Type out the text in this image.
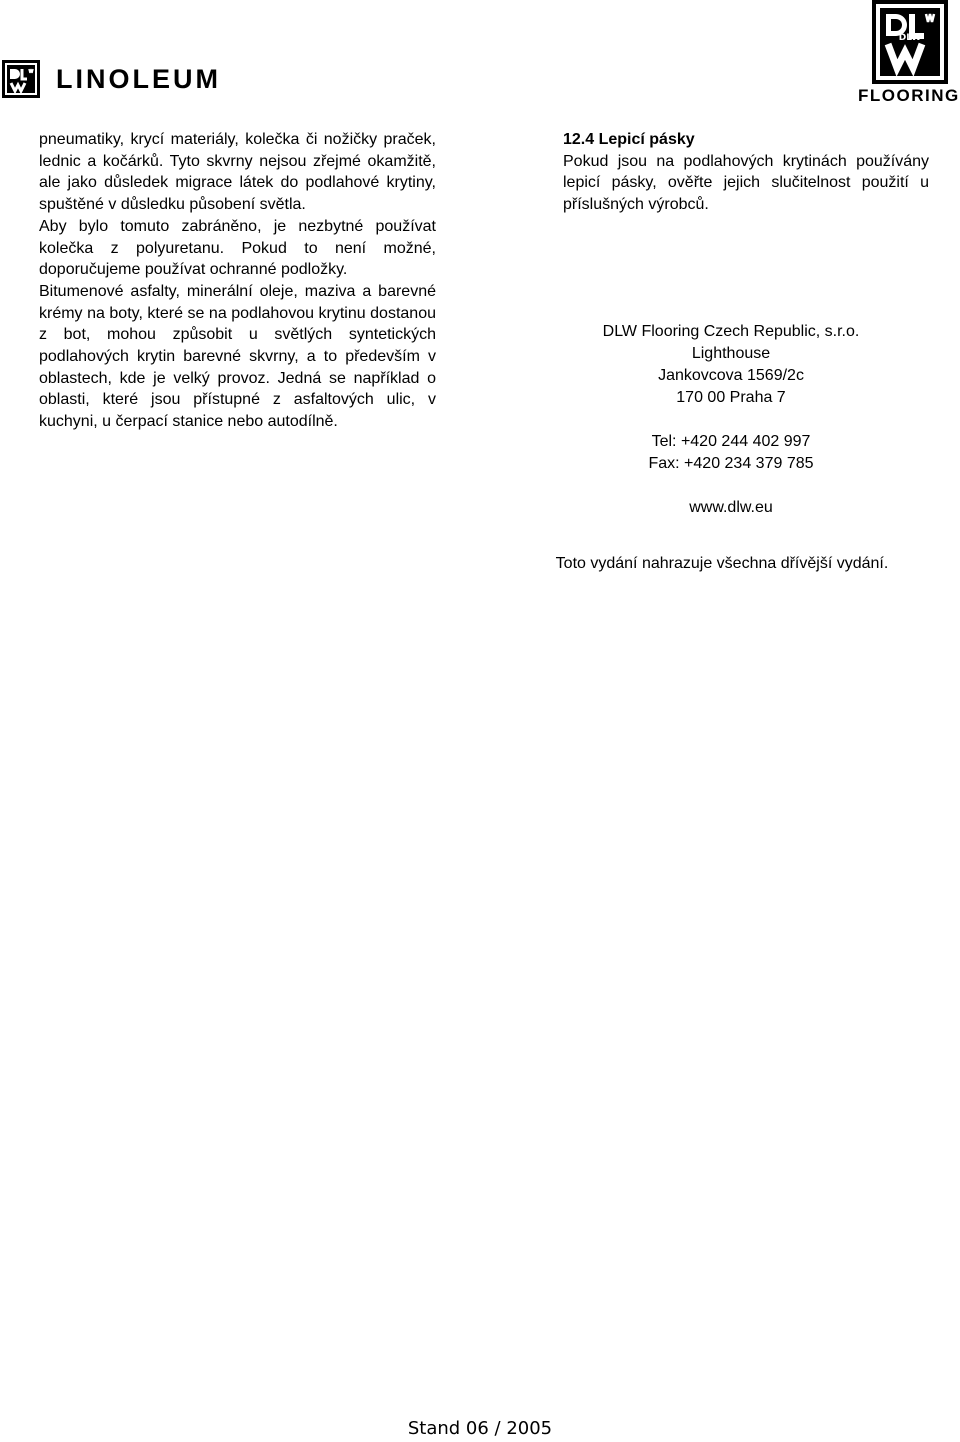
LINOLEUM
DLW
FLOORING

pneumatiky, krycí materiály, kolečka či nožičky praček, lednic a kočárků. Tyto skvrny nejsou zřejmé okamžitě, ale jako důsledek migrace látek do podlahové krytiny, spuštěné v důsledku působení světla.

Aby bylo tomuto zabráněno, je nezbytné používat kolečka z polyuretanu. Pokud to není možné, doporučujeme používat ochranné podložky.

Bitumenové asfalty, minerální oleje, maziva a barevné krémy na boty, které se na podlahovou krytinu dostanou z bot, mohou způsobit u světlých syntetických podlahových krytin barevné skvrny, a to především v oblastech, kde je velký provoz. Jedná se například o oblasti, které jsou přístupné z asfaltových ulic, v kuchyni, u čerpací stanice nebo autodílně.

12.4 Lepicí pásky

Pokud jsou na podlahových krytinách používány lepicí pásky, ověřte jejich slučitelnost použití u příslušných výrobců.

DLW Flooring Czech Republic, s.r.o.
Lighthouse
Jankovcova 1569/2c
170 00 Praha 7
Tel: +420 244 402 997
Fax: +420 234 379 785
www.dlw.eu
Toto vydání nahrazuje všechna dřívější vydání.
Stand 06 / 2005
